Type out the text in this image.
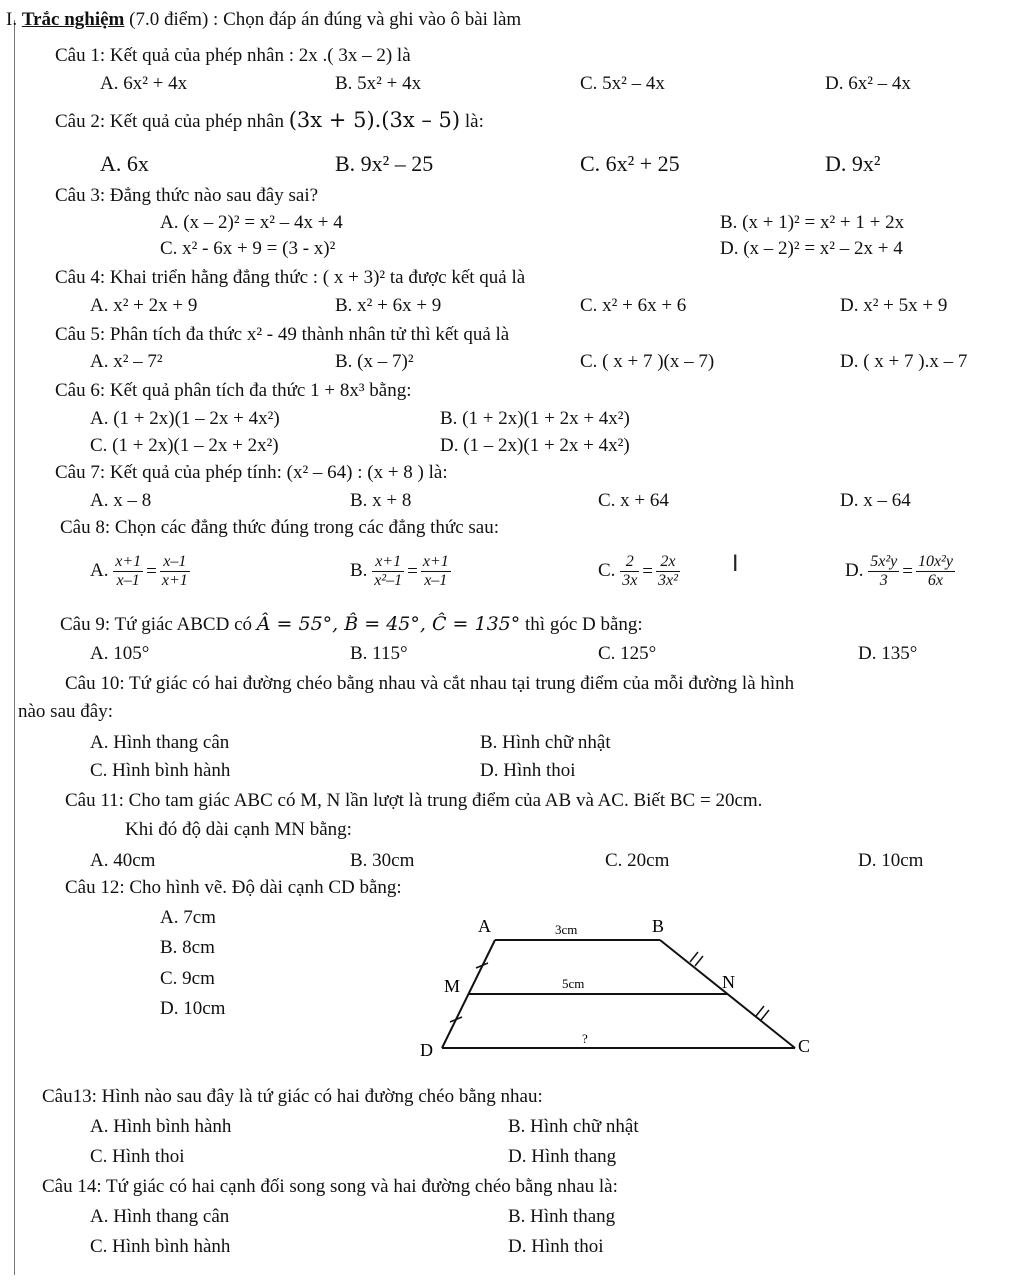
I. Trắc nghiệm (7.0 điểm) : Chọn đáp án đúng và ghi vào ô bài làm
Câu 1: Kết quả của phép nhân : 2x .( 3x – 2) là
A. 6x² + 4x	B. 5x² + 4x	C. 5x² – 4x	D. 6x² – 4x
Câu 2: Kết quả của phép nhân (3x + 5).(3x – 5) là:
A. 6x	B. 9x² – 25	C. 6x² + 25	D. 9x²
Câu 3: Đẳng thức nào sau đây sai?
A. (x – 2)² = x² – 4x + 4	B. (x + 1)² = x² + 1 + 2x
C. x² - 6x + 9 = (3 - x)²	D. (x – 2)² = x² – 2x + 4
Câu 4: Khai triển hằng đẳng thức : ( x + 3)² ta được kết quả là
A. x² + 2x + 9	B. x² + 6x + 9	C. x² + 6x + 6	D. x² + 5x + 9
Câu 5: Phân tích đa thức x² - 49 thành nhân tử thì kết quả là
A. x² – 7²	B. (x – 7)²	C. ( x + 7 )(x – 7)	D. ( x + 7 ).x – 7
Câu 6: Kết quả phân tích đa thức 1 + 8x³ bằng:
A. (1 + 2x)(1 – 2x + 4x²)	B. (1 + 2x)(1 + 2x + 4x²)
C. (1 + 2x)(1 – 2x + 2x²)	D. (1 – 2x)(1 + 2x + 4x²)
Câu 7: Kết quả của phép tính: (x² – 64) : (x + 8 ) là:
A. x – 8	B. x + 8	C. x + 64	D. x – 64
Câu 8: Chọn các đẳng thức đúng trong các đẳng thức sau:
A. $\frac{x+1}{x-1} = \frac{x-1}{x+1}$	B. $\frac{x+1}{\text{x²–1}} = \frac{x+1}{x-1}$	C. $\frac{2}{3x} = \frac{2x}{\text{3x²}}$ I	D. $\frac{\text{5x²y}}{3} = \frac{\text{10x²y}}{6x}$
Câu 9: Tứ giác ABCD có Â = 55°, B̂ = 45°, Ĉ = 135° thì góc D bằng:
A. 105°	B. 115°	C. 125°	D. 135°
Câu 10: Tứ giác có hai đường chéo bằng nhau và cắt nhau tại trung điểm của mỗi đường là hình
nào sau đây:
A. Hình thang cân	B. Hình chữ nhật
C. Hình bình hành	D. Hình thoi
Câu 11: Cho tam giác ABC có M, N lần lượt là trung điểm của AB và AC. Biết BC = 20cm.
Khi đó độ dài cạnh MN bằng:
A. 40cm	B. 30cm	C. 20cm	D. 10cm
Câu 12: Cho hình vẽ. Độ dài cạnh CD bằng:
A. 7cm
B. 8cm
C. 9cm
D. 10cm
A	B
M	N
D	C
3cm
5cm
?
Câu13: Hình nào sau đây là tứ giác có hai đường chéo bằng nhau:
A. Hình bình hành	B. Hình chữ nhật
C. Hình thoi	D. Hình thang
Câu 14: Tứ giác có hai cạnh đối song song và hai đường chéo bằng nhau là:
A. Hình thang cân	B. Hình thang
C. Hình bình hành	D. Hình thoi
